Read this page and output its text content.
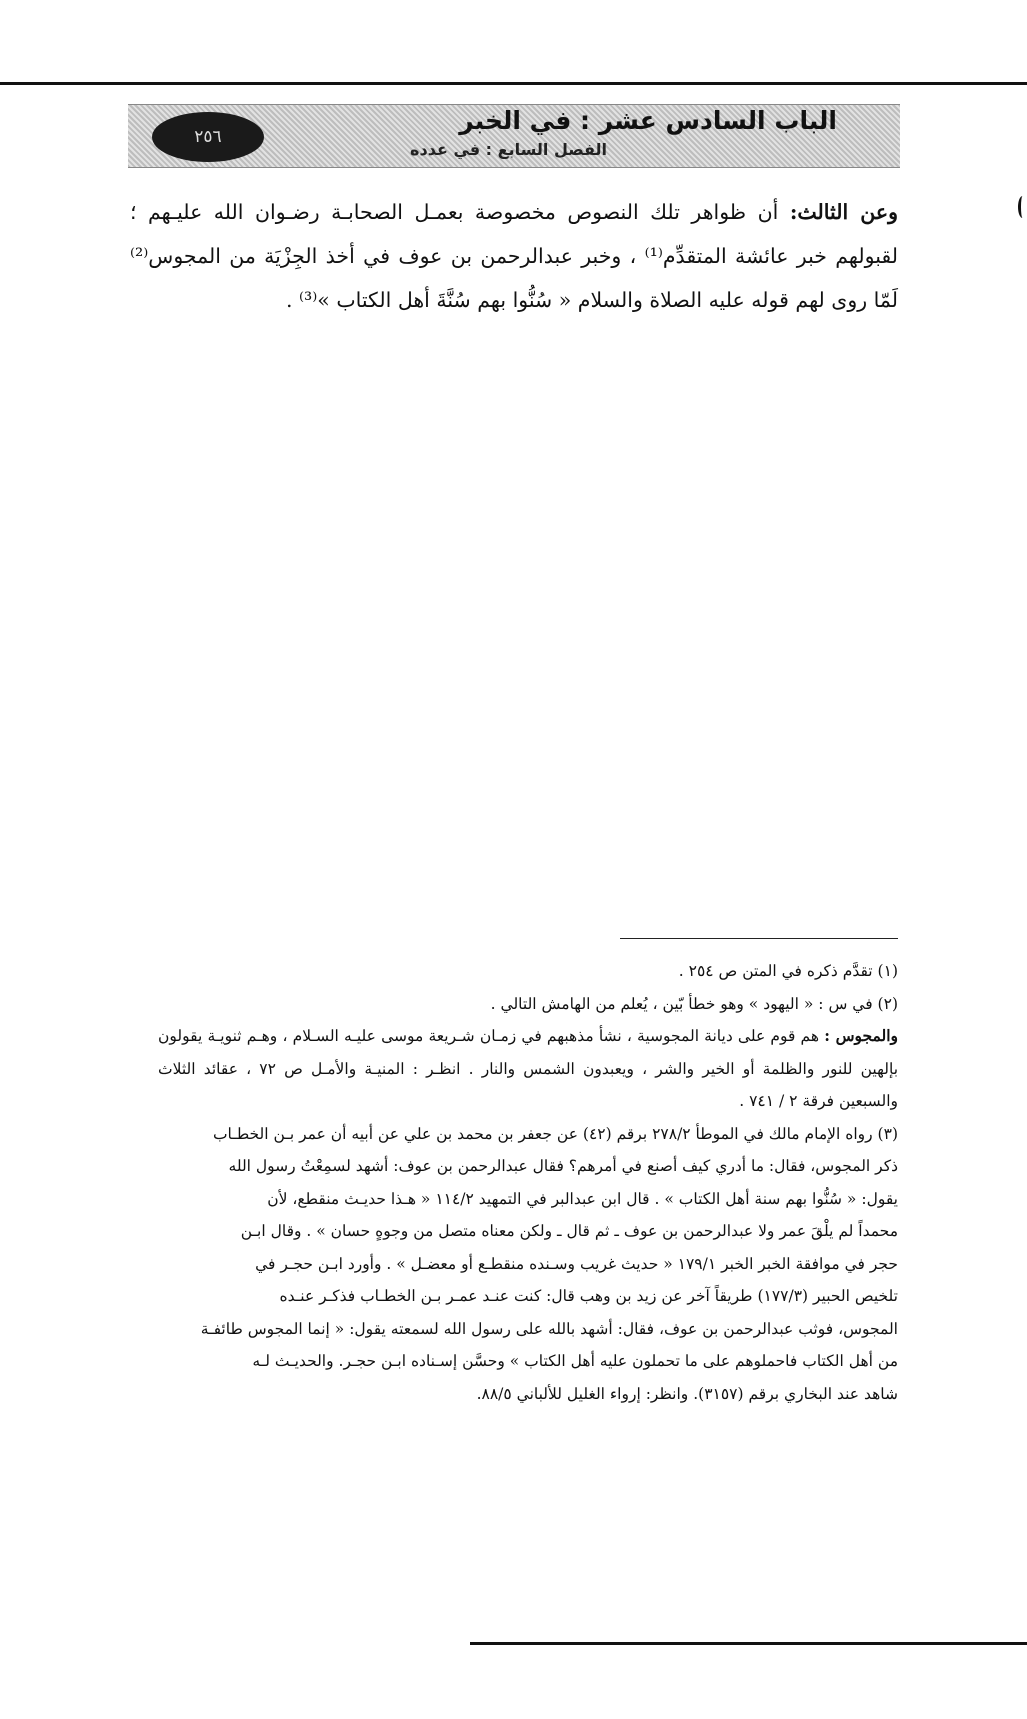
٢٥٦
الباب السادس عشر : في الخبر
الفصل السابع : في عدده
وعن الثالث: أن ظواهر تلك النصوص مخصوصة بعمـل الصحابـة رضـوان الله عليـهم ؛ لقبولهم خبر عائشة المتقدِّم⁽¹⁾ ، وخبر عبدالرحمن بن عوف في أخذ الجِزْيَة من المجوس⁽²⁾ لَمّا روى لهم قوله عليه الصلاة والسلام « سُنُّوا بهم سُنَّةَ أهل الكتاب »⁽³⁾ .

(١) تقدَّم ذكره في المتن ص ٢٥٤ .

(٢) في س : « اليهود » وهو خطأ بّين ، يُعلم من الهامش التالي .

والمجوس : هم قوم على ديانة المجوسية ، نشأ مذهبهم في زمـان شـريعة موسى عليـه السـلام ، وهـم ثنويـة يقولون بإلهين للنور والظلمة أو الخير والشر ، ويعبدون الشمس والنار . انظـر : المنيـة والأمـل ص ٧٢ ، عقائد الثلاث والسبعين فرقة ٢ / ٧٤١ .

(٣) رواه الإمام مالك في الموطأ ٢٧٨/٢ برقم (٤٢) عن جعفر بن محمد بن علي عن أبيه أن عمر بـن الخطـاب
ذكر المجوس، فقال: ما أدري كيف أصنع في أمرهم؟ فقال عبدالرحمن بن عوف: أشهد لسمِعْتُ رسول الله
يقول: « سُنُّوا بهم سنة أهل الكتاب » . قال ابن عبدالبر في التمهيد ١١٤/٢ « هـذا حديـث منقطع، لأن
محمداً لم يلْقَ عمر ولا عبدالرحمن بن عوف ـ ثم قال ـ ولكن معناه متصل من وجوهٍ حسان » . وقال ابـن
حجر في موافقة الخبر الخبر ١٧٩/١ « حديث غريب وسـنده منقطـع أو معضـل » . وأورد ابـن حجـر في
تلخيص الحبير (١٧٧/٣) طريقاً آخر عن زيد بن وهب قال: كنت عنـد عمـر بـن الخطـاب فذكـر عنـده
المجوس، فوثب عبدالرحمن بن عوف، فقال: أشهد بالله على رسول الله لسمعته يقول: « إنما المجوس طائفـة
من أهل الكتاب فاحملوهم على ما تحملون عليه أهل الكتاب » وحسَّن إسـناده ابـن حجـر. والحديـث لـه
شاهد عند البخاري برقم (٣١٥٧). وانظر: إرواء الغليل للألباني ٨٨/٥.
